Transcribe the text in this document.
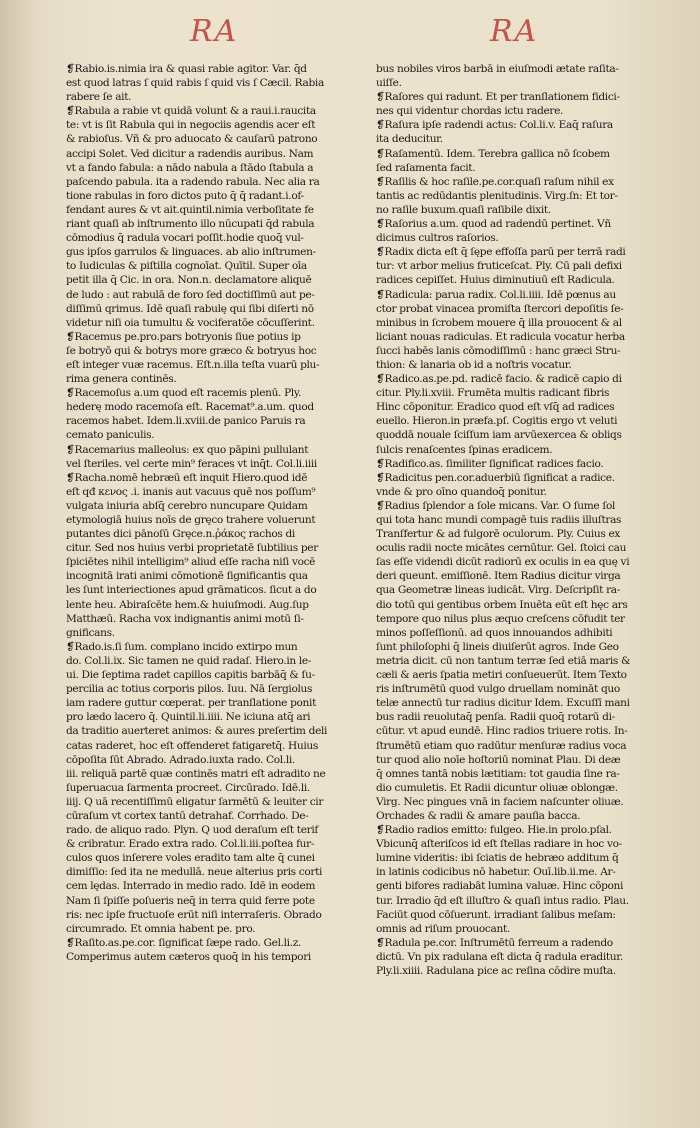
RA	RA
❡Rabio.is.nimia ira & quasi rabie agitor. Var. q̄d
est quod latras ſ quid rabis ſ quid vis ſ Cæcil. Rabia
rabere ſe ait.
❡Rabula a rabie vt quidā volunt & a raui.i.raucita
te: vt is ſit Rabula qui in negociis agendis acer eſt
& rabioſus. Vñ & pro aduocato & cauſarū patrono
accipi Solet. Ved dicitur a radendis auribus. Nam
vt a fando fabula: a nādo nabula a ſtādo ſtabula a
paſcendo pabula. ita a radendo rabula. Nec alia ra
tione rabulas in foro dictos puto q̄ q̄ radant.i.of-
fendant aures & vt ait.quintil.nimia verboſitate fe
riant quaſi ab inſtrumento illo nūcupati q̄d rabula
cōmodius q̄ radula vocari poſſit.hodie quoq̄ vul-
gus ipſos garrulos & linguaces. ab alio inſtrumen-
to Iudiculas & piſtilla cognoīat. Quītil. Super oīa
petit illa q̄ Cic. in ora. Non.n. declamatore aliquē
de ludo : aut rabulā de foro ſed doctiſſimū aut pe-
diſſimū qrimus. Idē quaſi rabulę qui ſibi diſerti nō
videtur niſi oia tumultu & vociferatōe cōcuſſerint.
❡Racemus pe.pro.pars botryonis ſiue potius ip
ſe botryō qui & botrys more græco & botryus hoc
eſt integer vuæ racemus. Eſt.n.illa teſta vuarū plu-
rima genera continēs.
❡Racemoſus a.um quod eſt racemis plenū. Ply.
hederę modo racemoſa eſt. Racemat⁹.a.um. quod
racemos habet. Idem.li.xviii.de panico Paruis ra
cemato paniculis.
❡Racemarius malleolus: ex quo pāpini pullulant
vel ſteriles. vel certe min⁹ feraces vt inq̄t. Col.li.iiii
❡Racha.nomē hebræū eſt inquit Hiero.quod idē
eſt qđ κενος .i. inanis aut vacuus quē nos poſſum⁹
vulgata iniuria abſq̄ cerebro nuncupare Quidam
etymologiā huius noīs de gręco trahere voluerunt
putantes dici pānoſū Gręce.n.ῥάκος rachos di
citur. Sed nos huius verbi proprietatē ſubtilius per
ſpiciētes nihil intelligim⁹ aliud eſſe racha niſi vocē
incognitā irati animi cōmotionē ſignificantis qua
les ſunt interiectiones apud grāmaticos. ſicut a do
lente heu. Abiraſcēte hem.& huiuſmodi. Aug.ſup
Matthæū. Racha vox indignantis animi motū ſi-
gnificans.
❡Rado.is.ſi ſum. complano incido extirpo mun
do. Col.li.ix. Sic tamen ne quid radaſ. Hiero.in le-
ui. Die ſeptima radet capillos capitis barbāq̄ & ſu-
percilia ac totius corporis pilos. Iuu. Nā ſergiolus
iam radere guttur cœperat. per tranſlatione ponit
pro lædo lacero q̄. Quintil.li.iiii. Ne iciuna atq̄ ari
da traditio auerteret animos: & aures preſertim deli
catas raderet, hoc eſt offenderet fatigaretq̄. Huius
cōpoſita ſūt Abrado. Adrado.iuxta rado. Col.li.
iii. reliquā partē quæ continēs matri eſt adradito ne
ſuperuacua ſarmenta procreet. Circūrado. Idē.li.
iiij. Q uā recentiſſimū eligatur ſarmētū & leuiter cir
cūraſum vt cortex tantū detrahaf. Corrhado. De-
rado. de aliquo rado. Plyn. Q uod deraſum eſt terif
& cribratur. Erado extra rado. Col.li.iii.poſtea fur-
culos quos inſerere voles eradito tam alte q̄ cunei
dimiſſio: ſed ita ne medullā. neue alterius pris corti
cem lędas. Interrado in medio rado. Idē in eodem
Nam ſi ſpiſſe poſueris neq̄ in terra quid ferre pote
ris: nec ipſe fructuoſe erūt niſi interraſeris. Obrado
circumrado. Et omnia habent pe. pro.
❡Raſito.as.pe.cor. ſignificat ſæpe rado. Gel.li.z.
Comperimus autem cæteros quoq̄ in his tempori
bus nobiles viros barbā in eiuſmodi ætate raſita-
uiſſe.
❡Raſores qui radunt. Et per tranſlationem fidici-
nes qui videntur chordas ictu radere.
❡Raſura ipſe radendi actus: Col.li.v. Eaq̄ raſura
ita deducitur.
❡Raſamentū. Idem. Terebra gallica nō ſcobem
ſed raſamenta facit.
❡Raſilis & hoc raſile.pe.cor.quaſi raſum nihil ex
tantis ac redūdantis plenitudinis. Virg.ſn: Et tor-
no raſile buxum.quaſi raſibile dixit.
❡Raſorius a.um. quod ad radendū pertinet. Vñ
dicimus cultros raſorios.
❡Radix dicta eſt q̄ ſępe effoſſa parū per terrā radi
tur: vt arbor melius fruticeſcat. Ply. Cū pali defixi
radices cepiſſet. Huius diminutiuū eſt Radicula.
❡Radicula: parua radix. Col.li.iiii. Idē pœnus au
ctor probat vinacea promiſta ſtercori depoſitis ſe-
minibus in ſcrobem mouere q̄ illa prouocent & al
liciant nouas radiculas. Et radicula vocatur herba
ſucci habēs lanis cōmodiſſimū : hanc græci Stru-
thion: & lanaria ob id a noſtris vocatur.
❡Radico.as.pe.pd. radicē facio. & radicē capio di
citur. Ply.li.xviii. Frumēta multis radicant fibris
Hinc cōponitur. Eradico quod eſt vſq̄ ad radices
euello. Hieron.in præfa.pſ. Cogitis ergo vt veluti
quoddā nouale ſciſſum iam arvūexercea & obliqs
ſulcis renaſcentes ſpinas eradicem.
❡Radifico.as. ſimiliter ſignificat radices facio.
❡Radicitus pen.cor.aduerbiū ſignificat a radice.
vnde & pro oīno quandoq̄ ponitur.
❡Radius ſplendor a ſole micans. Var. O ſume ſol
qui tota hanc mundi compagē tuis radiis illuſtras
Tranſfertur & ad fulgorē oculorum. Ply. Cuius ex
oculis radii nocte micātes cernūtur. Gel. ſtoici cau
ſas eſſe videndi dicūt radiorū ex oculis in ea quę vi
deri queunt. emiſſionē. Item Radius dicitur virga
qua Geometræ lineas iudicāt. Virg. Deſcripſit ra-
dio totū qui gentibus orbem Inuēta eūt eſt hęc ars
tempore quo nilus plus æquo creſcens cōfudit ter
minos poſſeſſionū. ad quos innouandos adhibiti
ſunt philoſophi q̄ lineis diuiſerūt agros. Inde Geo
metria dicit. cū non tantum terræ ſed etiā maris &
cæli & aeris ſpatia metiri conſueuerūt. Item Texto
ris inſtrumētū quod vulgo druellam nomināt quo
telæ annectū tur radius dicitur Idem. Excuſſī mani
bus radii reuolutaq̄ penſa. Radii quoq̄ rotarū di-
cūtur. vt apud eundē. Hinc radios triuere rotis. In-
ſtrumētū etiam quo radūtur menſuræ radius voca
tur quod alio noīe hoſtoriū nominat Plau. Di deæ
q̄ omnes tantā nobis lætitiam: tot gaudia ſine ra-
dio cumuletis. Et Radii dicuntur oliuæ oblongæ.
Virg. Nec pingues vnā in faciem naſcunter oliuæ.
Orchades & radii & amare pauſia bacca.
❡Radio radios emitto: fulgeo. Hie.in prolo.pſal.
Vbicunq̄ aſteriſcos id eſt ſtellas radiare in hoc vo-
lumine videritis: ibi ſciatis de hebræo additum q̄
in latinis codicibus nō habetur. Ouī.lib.ii.me. Ar-
genti bifores radiabāt lumina valuæ. Hinc cōponi
tur. Irradio q̄d eſt illuſtro & quaſi intus radio. Plau.
Faciūt quod cōſuerunt. irradiant ſalibus meſam:
omnis ad riſum prouocant.
❡Radula pe.cor. Inſtrumētū ferreum a radendo
dictū. Vn pix radulana eſt dicta q̄ radula eraditur.
Ply.li.xiiii. Radulana pice ac reſina cōdire muſta.
